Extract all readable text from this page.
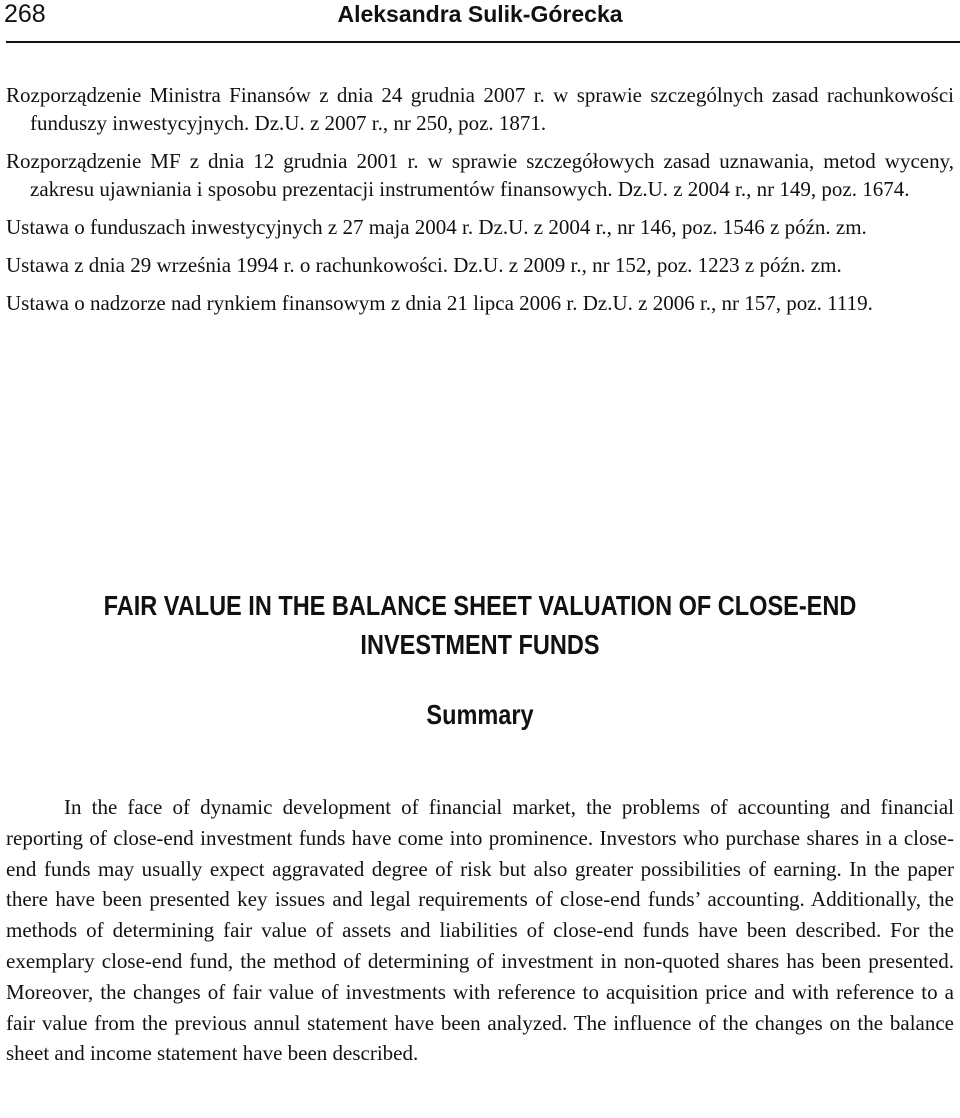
268	Aleksandra Sulik-Górecka

Rozporządzenie Ministra Finansów z dnia 24 grudnia 2007 r. w sprawie szczególnych zasad rachunkowości funduszy inwestycyjnych. Dz.U. z 2007 r., nr 250, poz. 1871.

Rozporządzenie MF z dnia 12 grudnia 2001 r. w sprawie szczegółowych zasad uznawania, metod wyceny, zakresu ujawniania i sposobu prezentacji instrumentów finansowych. Dz.U. z 2004 r., nr 149, poz. 1674.

Ustawa o funduszach inwestycyjnych z 27 maja 2004 r. Dz.U. z 2004 r., nr 146, poz. 1546 z późn. zm.

Ustawa z dnia 29 września 1994 r. o rachunkowości. Dz.U. z 2009 r., nr 152, poz. 1223 z późn. zm.

Ustawa o nadzorze nad rynkiem finansowym z dnia 21 lipca 2006 r. Dz.U. z 2006 r., nr 157, poz. 1119.

FAIR VALUE IN THE BALANCE SHEET VALUATION OF CLOSE-END INVESTMENT FUNDS
Summary

In the face of dynamic development of financial market, the problems of accounting and financial reporting of close-end investment funds have come into prominence. Investors who purchase shares in a close-end funds may usually expect aggravated degree of risk but also greater possibilities of earning. In the paper there have been presented key issues and legal requirements of close-end funds’ accounting. Additionally, the methods of determining fair value of assets and liabilities of close-end funds have been described. For the exemplary close-end fund, the method of determining of investment in non-quoted shares has been presented. Moreover, the changes of fair value of investments with reference to acquisition price and with reference to a fair value from the previous annul statement have been analyzed. The influence of the changes on the balance sheet and income statement have been described.
